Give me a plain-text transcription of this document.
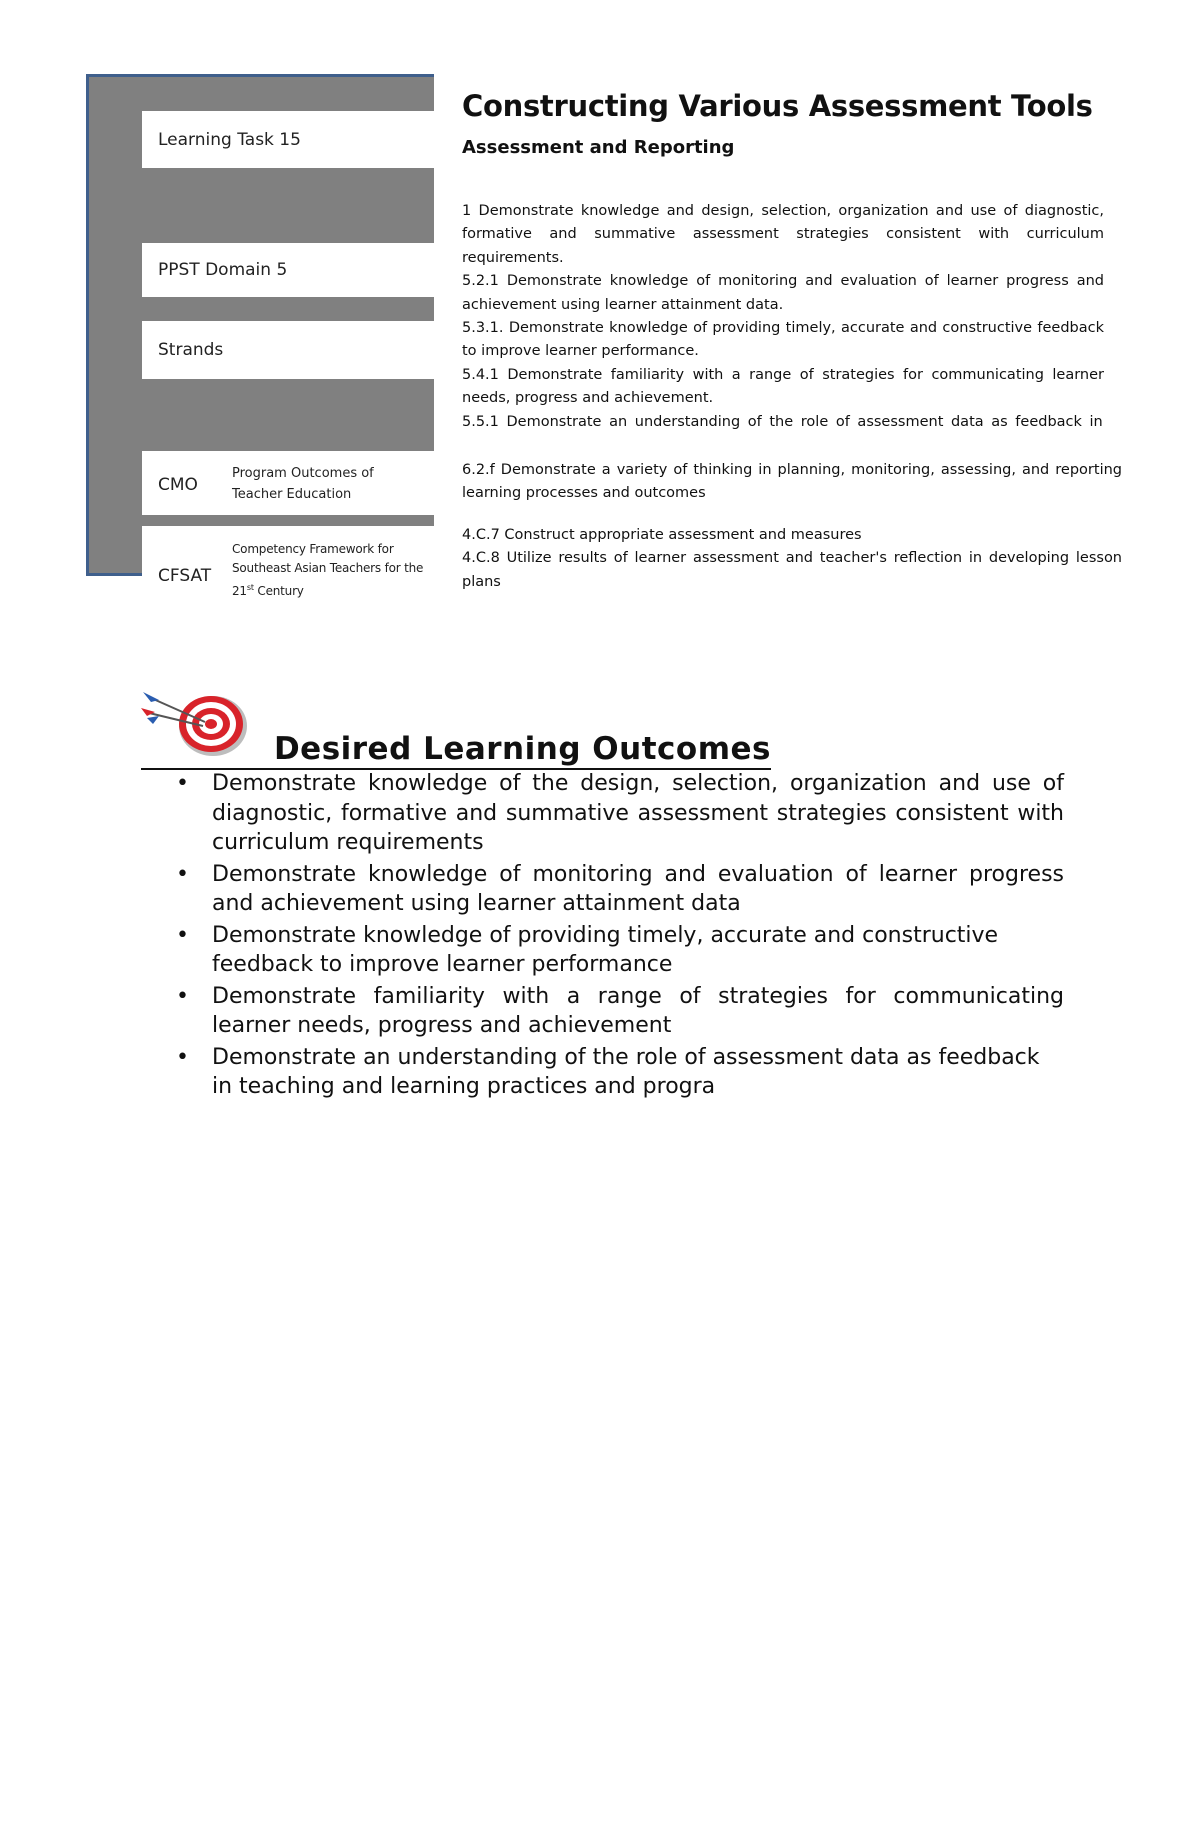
Learning Task 15
PPST Domain 5
Strands
CMO
Program Outcomes of
Teacher Education
CFSAT
Competency Framework for
Southeast Asian Teachers for the
21st Century
Constructing Various Assessment Tools
Assessment and Reporting

1 Demonstrate knowledge and design, selection, organization and use of diagnostic, formative and summative assessment strategies consistent with curriculum requirements.

5.2.1 Demonstrate knowledge of monitoring and evaluation of learner progress and achievement using learner attainment data.

5.3.1. Demonstrate knowledge of providing timely, accurate and constructive feedback to improve learner performance.

5.4.1 Demonstrate familiarity with a range of strategies for communicating learner needs, progress and achievement.

5.5.1 Demonstrate an understanding of the role of assessment data as feedback in

6.2.f Demonstrate a variety of thinking in planning, monitoring, assessing, and reporting learning processes and outcomes

4.C.7 Construct appropriate assessment and measures

4.C.8 Utilize results of learner assessment and teacher's reflection in developing lesson plans

Desired Learning Outcomes
• Demonstrate knowledge of the design, selection, organization and use of diagnostic, formative and summative assessment strategies consistent with curriculum requirements
• Demonstrate knowledge of monitoring and evaluation of learner progress and achievement using learner attainment data
• Demonstrate knowledge of providing timely, accurate and constructive feedback to improve learner performance
• Demonstrate familiarity with a range of strategies for communicating learner needs, progress and achievement
• Demonstrate an understanding of the role of assessment data as feedback in teaching and learning practices and progra
